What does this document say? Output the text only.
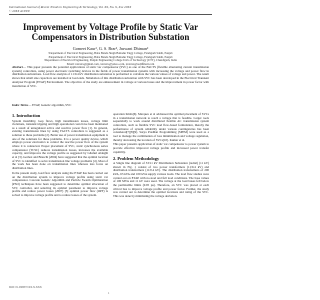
International Journal of Recent Trends in Engineering & Technology, Vol. XX, No. X, Xxx 20XX
© 20XX ACEEE
Improvement by Voltage Profile by Static Var Compensators in Distribution Substation
Gomeet Kaur¹, G. S. Brar², Jaswant Dhiman³
¹Department of Electrical Engineering, Baba Banda Singh Bahadur Engg College, Fatehgarh Sahib, Punjab
²Department of Electrical Engineering, Baba Banda Singh Bahadur Engg College, Fatehgarh Sahib, Punjab
³Department of Electrical Engineering, Punjab Engineering College Univ of Technology (UTT), Chandigarh, India
Email: xxxxxx@gmail.com, xxxxxx@yahoo.com, xxxxxx@rediffmail.com
Abstract— This paper presents the potential applications of static var compensator (SVC) as one of the FACTS (flexible alternating current transmission system) controllers, using power electronic switching devices in the fields of power transmission systems with increasing the voltage and power flow in distribution substations. Load flow analysis of 11/0.4 kV distribution substation is performed to calculate the various values of voltage and power. The result shows that small size capacitors are installed at load ends. Simulation of this distribution substation with SVC has been developed in the Electrical Transient Analyzer Program (ETAP) Environment. The objective of the study are enhancement in voltage at various buses and the improvement in power factor with installation of SVC.
Index Terms— ETAP, Genetic algorithm, SVC
1. Introduction

System instability, loop flows, high transmission losses, voltage limit violations, transient tripping and high operational costs have been mentioned as a result of unregulated active and reactive power flow [1]. In general, existing transmission lines by using FACTS controllers is suggested as a solution to these problems [2]. Better use of power transmission equipment is one of the solutions for these problems. It is a power quality device, which employs power electronics to control the reactive power flow of the system where it is connected. Proper placement of SVC, static synchronous series compensator (TCSC) reduces transmission losses, increases the available capacity, and improves the voltage profile as suggested by Ghafuri Aldeghi et al [3]. Gerbex and Bruschi (2004) have suggested that the optimal location of SVC is identified to solve transmission line voltage problems [4]. Most of the work has been done on transmission lines whereas less focus on distribution lines.

In the present study, load flow analysis using the ETAP has been carried out on the distribution system to improve voltage profile using static var compensator. Cascade Genetic Algorithm and Particle Swarm Optimization (PSO) techniques have been suggested to determine optimal allocation of SVC controller, and selecting its optimal parameter to improve voltage profile and reduce power losses (2007) [5] optimal power flow (OPF) is solved to improve voltage profile and to reduce losses of the system.

operation limits[6]. Marques et al addressed the optimal placement of SVCs in a transmission network to reach a voltage that is feasible. Larger tools sequentially to work around distributed flexible AC transmission system controllers, such as flexible SVC load flow-based formulation, thereby the performance of system reliability under various contingencies has been considered[7][8][9]. Surya Pradhan Programming (SPPM) were used as a tool to manage the combination of loss minimization and voltage regulation, thereby decreasing the location of SVCs[10]. Kumar et al.

This paper presents application of static var compensator to power system to provide effective improved voltage profile and increased power transfer capability.

2. Problem Methodology

A Single line diagram of 33/11 kV Distribution Substation (radial) (11 kV) shown in Fig. 1 consist of two power transformers (11/0.4 kV) and distribution transformers (11/0.4 kV). The distribution transformers of 200 kVA, 63 kVA and 100 kVA supply various loads. The load flow studies were carried out on ETAP with no-load and full load conditions. The base values of 100 MVA and 11 kV were used. The voltage at the load buses fell below the permissible limits (0.95 pu). Therefore, an SVC was placed at each critical bus to improve voltage profile and power factor. Further, the study was carried out to determine the optimal locations and rating of the SVC. This was done by minimizing the voltage deviation.

DOI: 01.IJRTET.XX.X.XXX
1
